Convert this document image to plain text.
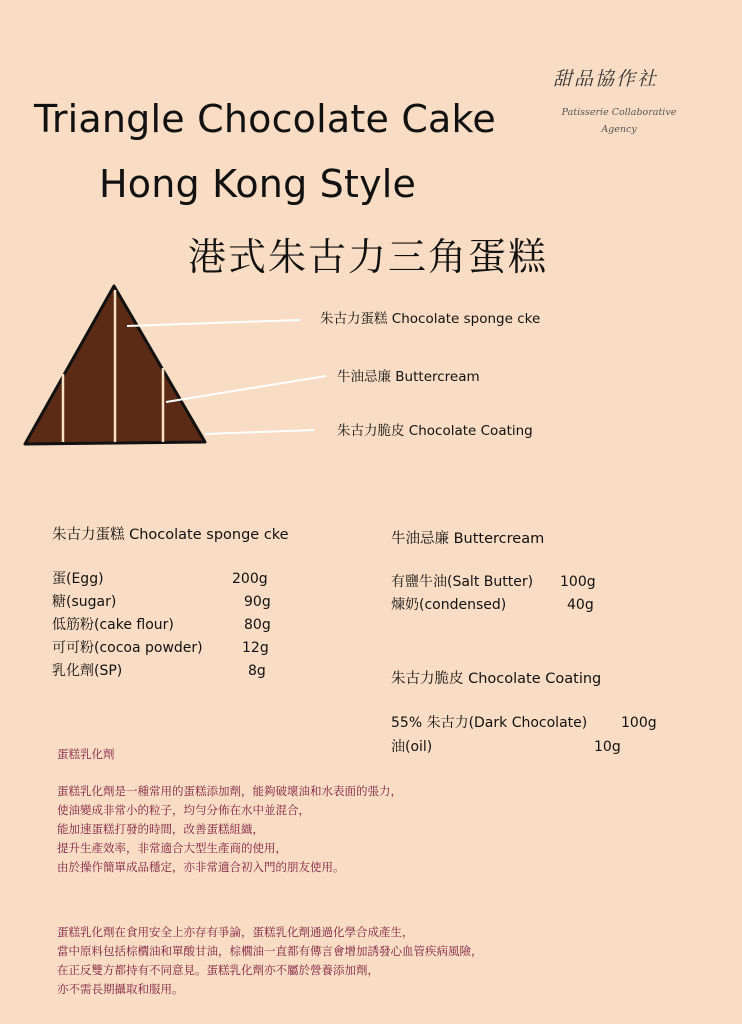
甜品協作社
Patisserie Collaborative
Agency
Triangle Chocolate Cake
Hong Kong Style
港式朱古力三角蛋糕
朱古力蛋糕 Chocolate sponge cke
牛油忌廉 Buttercream
朱古力脆皮 Chocolate Coating
朱古力蛋糕 Chocolate sponge cke
蛋(Egg)	200g
糖(sugar)	90g
低筋粉(cake flour)	80g
可可粉(cocoa powder)	12g
乳化劑(SP)	8g
牛油忌廉 Buttercream
有鹽牛油(Salt Butter) 100g
煉奶(condensed)	40g
朱古力脆皮 Chocolate Coating
55% 朱古力(Dark Chocolate) 100g
油(oil)	10g
蛋糕乳化劑

蛋糕乳化劑是一種常用的蛋糕添加劑，能夠破壞油和水表面的張力，

使油變成非常小的粒子，均勻分佈在水中並混合，

能加速蛋糕打發的時間，改善蛋糕組織，

提升生產效率，非常適合大型生產商的使用，

由於操作簡單成品穩定，亦非常適合初入門的朋友使用。

蛋糕乳化劑在食用安全上亦存有爭論，蛋糕乳化劑通過化學合成產生，

當中原料包括棕櫚油和單酸甘油，棕櫚油一直都有傳言會增加誘發心血管疾病風險，

在正反雙方都持有不同意見。蛋糕乳化劑亦不屬於營養添加劑，

亦不需長期攝取和服用。
